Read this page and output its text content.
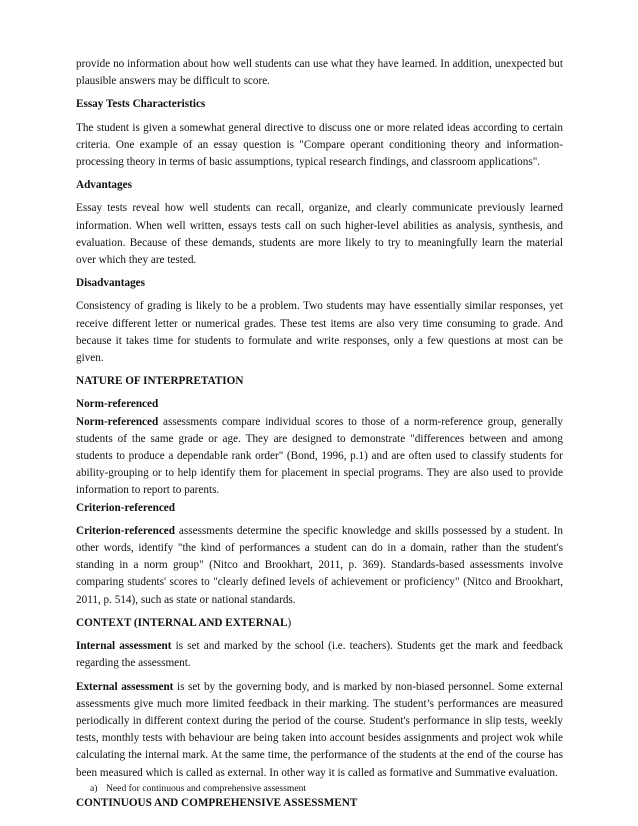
provide no information about how well students can use what they have learned. In addition, unexpected but plausible answers may be difficult to score.

Essay Tests Characteristics

The student is given a somewhat general directive to discuss one or more related ideas according to certain criteria. One example of an essay question is "Compare operant conditioning theory and information-processing theory in terms of basic assumptions, typical research findings, and classroom applications".

Advantages

Essay tests reveal how well students can recall, organize, and clearly communicate previously learned information. When well written, essays tests call on such higher-level abilities as analysis, synthesis, and evaluation. Because of these demands, students are more likely to try to meaningfully learn the material over which they are tested.

Disadvantages

Consistency of grading is likely to be a problem. Two students may have essentially similar responses, yet receive different letter or numerical grades. These test items are also very time consuming to grade. And because it takes time for students to formulate and write responses, only a few questions at most can be given.

NATURE OF INTERPRETATION
Norm-referenced

Norm-referenced assessments compare individual scores to those of a norm-reference group, generally students of the same grade or age. They are designed to demonstrate "differences between and among students to produce a dependable rank order" (Bond, 1996, p.1) and are often used to classify students for ability-grouping or to help identify them for placement in special programs. They are also used to provide information to report to parents.

Criterion-referenced

Criterion-referenced assessments determine the specific knowledge and skills possessed by a student. In other words, identify "the kind of performances a student can do in a domain, rather than the student's standing in a norm group" (Nitco and Brookhart, 2011, p. 369). Standards-based assessments involve comparing students' scores to "clearly defined levels of achievement or proficiency" (Nitco and Brookhart, 2011, p. 514), such as state or national standards.

CONTEXT (INTERNAL AND EXTERNAL)

Internal assessment is set and marked by the school (i.e. teachers). Students get the mark and feedback regarding the assessment.

External assessment is set by the governing body, and is marked by non-biased personnel. Some external assessments give much more limited feedback in their marking. The student’s performances are measured periodically in different context during the period of the course. Student's performance in slip tests, weekly tests, monthly tests with behaviour are being taken into account besides assignments and project wok while calculating the internal mark. At the same time, the performance of the students at the end of the course has been measured which is called as external. In other way it is called as formative and Summative evaluation.

a) Need for continuous and comprehensive assessment
CONTINUOUS AND COMPREHENSIVE ASSESSMENT
